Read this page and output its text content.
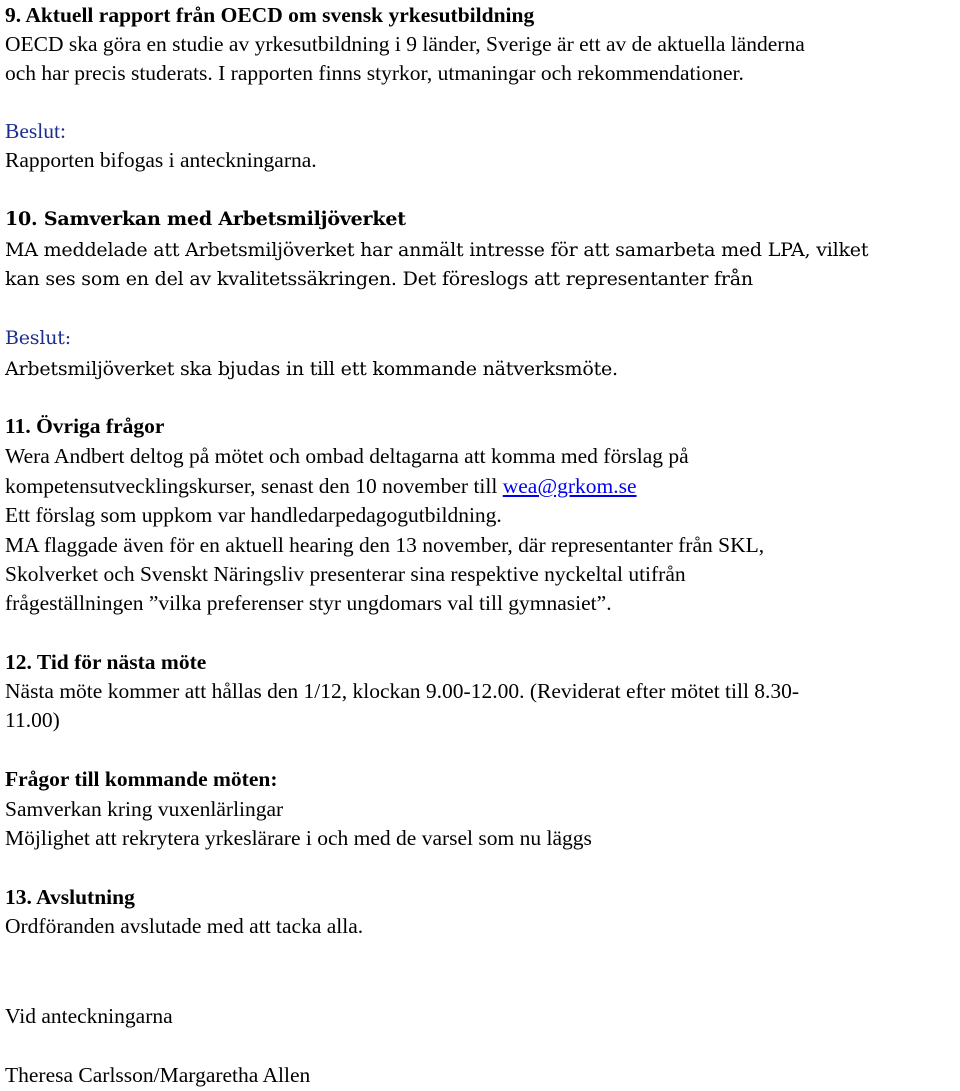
9. Aktuell rapport från OECD om svensk yrkesutbildning
OECD ska göra en studie av yrkesutbildning i 9 länder, Sverige är ett av de aktuella länderna
och har precis studerats. I rapporten finns styrkor, utmaningar och rekommendationer.
Beslut:
Rapporten bifogas i anteckningarna.
10. Samverkan med Arbetsmiljöverket
MA meddelade att Arbetsmiljöverket har anmält intresse för att samarbeta med LPA, vilket
kan ses som en del av kvalitetssäkringen. Det föreslogs att representanter från
Beslut:
Arbetsmiljöverket ska bjudas in till ett kommande nätverksmöte.
11. Övriga frågor
Wera Andbert deltog på mötet och ombad deltagarna att komma med förslag på
kompetensutvecklingskurser, senast den 10 november till wea@grkom.se
Ett förslag som uppkom var handledarpedagogutbildning.
MA flaggade även för en aktuell hearing den 13 november, där representanter från SKL,
Skolverket och Svenskt Näringsliv presenterar sina respektive nyckeltal utifrån
frågeställningen ”vilka preferenser styr ungdomars val till gymnasiet”.
12. Tid för nästa möte
Nästa möte kommer att hållas den 1/12, klockan 9.00-12.00. (Reviderat efter mötet till 8.30-
11.00)
Frågor till kommande möten:
Samverkan kring vuxenlärlingar
Möjlighet att rekrytera yrkeslärare i och med de varsel som nu läggs
13. Avslutning
Ordföranden avslutade med att tacka alla.
Vid anteckningarna
Theresa Carlsson/Margaretha Allen
